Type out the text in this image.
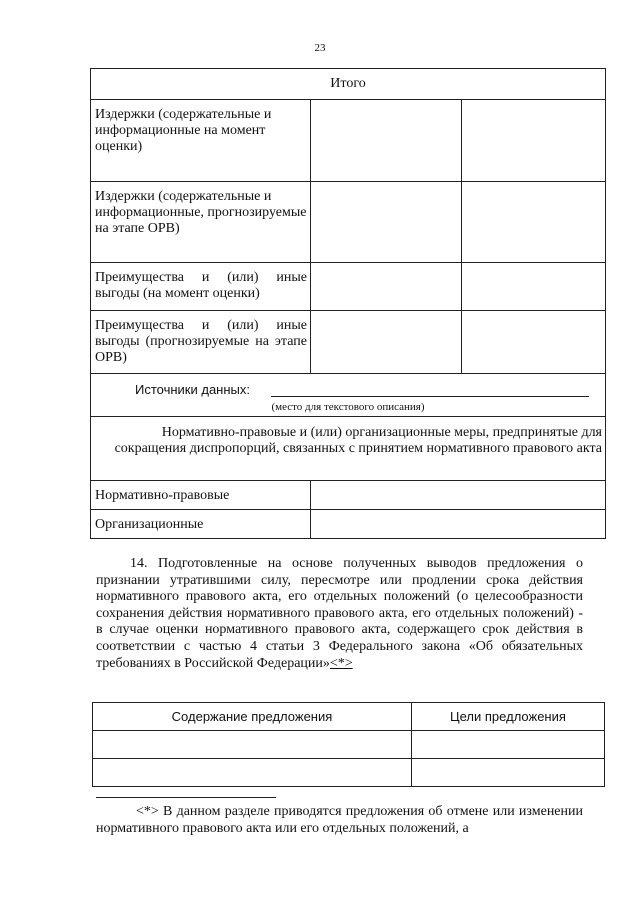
23
Итого		

Издержки (содержательные и информационные на момент оценки)		

Издержки (содержательные и информационные, прогнозируемые на этапе ОРВ)		

Преимущества и (или) иные выгоды (на момент оценки)		

Преимущества и (или) иные выгоды (прогнозируемые на этапе ОРВ)		

Источники данных:
(место для текстового описания)		

Нормативно-правовые и (или) организационные меры, предпринятые для сокращения диспропорций, связанных с принятием нормативного правового акта		

Нормативно-правовые		

Организационные		

14. Подготовленные на основе полученных выводов предложения о признании утратившими силу, пересмотре или продлении срока действия нормативного правового акта, его отдельных положений (о целесообразности сохранения действия нормативного правового акта, его отдельных положений) - в случае оценки нормативного правового акта, содержащего срок действия в соответствии с частью 4 статьи 3 Федерального закона «Об обязательных требованиях в Российской Федерации»<*>
Содержание предложения	Цели предложения

<*> В данном разделе приводятся предложения об отмене или изменении нормативного правового акта или его отдельных положений, а
